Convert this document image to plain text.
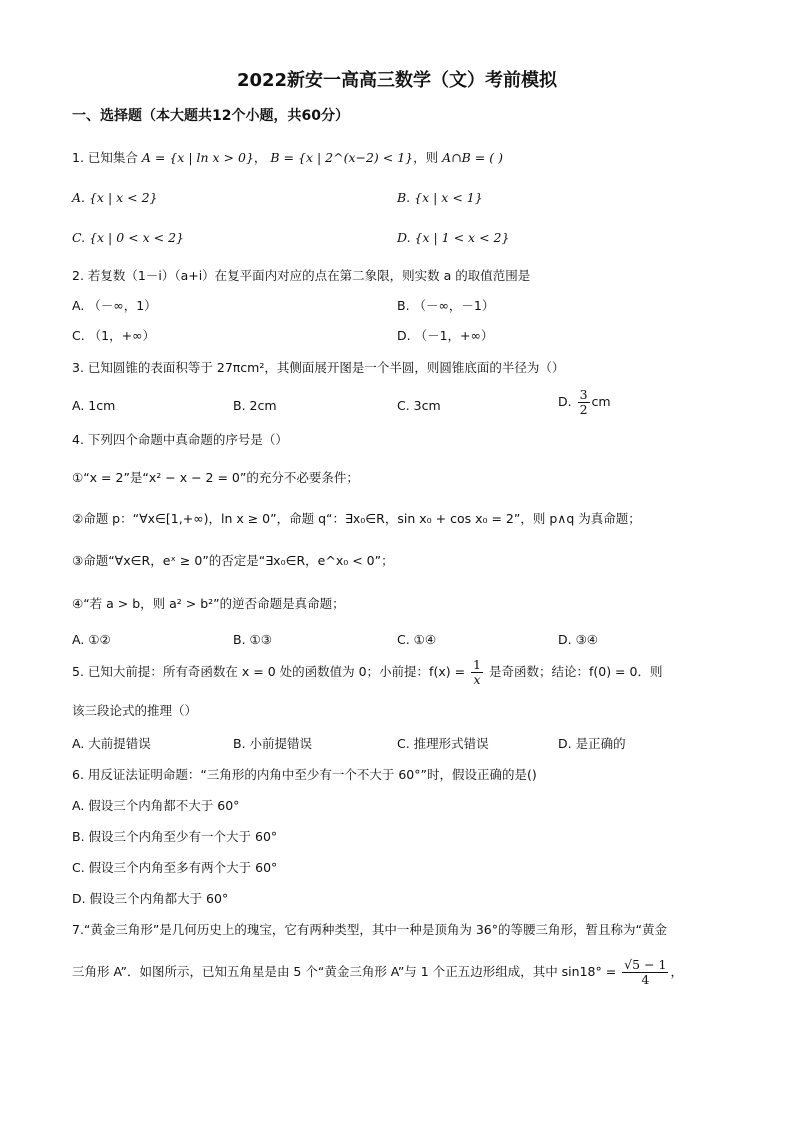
2022新安一高高三数学（文）考前模拟
一、选择题（本大题共12个小题，共60分）
1. 已知集合 A = {x | ln x > 0}， B = {x | 2^(x−2) < 1}，则 A∩B = ( )
A. {x | x < 2}	B. {x | x < 1}
C. {x | 0 < x < 2}	D. {x | 1 < x < 2}
2. 若复数（1－i）（a+i）在复平面内对应的点在第二象限，则实数 a 的取值范围是
A. （－∞，1）	B. （－∞，－1）
C. （1，+∞）	D. （－1，+∞）
3. 已知圆锥的表面积等于 27πcm²，其侧面展开图是一个半圆，则圆锥底面的半径为（）
A. 1cm	B. 2cm	C. 3cm	D. $\frac{3}{2}$ cm
4. 下列四个命题中真命题的序号是（）
①“x = 2”是“x² − x − 2 = 0”的充分不必要条件；
②命题 p：“∀x∈[1,+∞)，ln x ≥ 0”，命题 q“：∃x₀∈R，sin x₀ + cos x₀ = 2”，则 p∧q 为真命题；
③命题“∀x∈R，eˣ ≥ 0”的否定是“∃x₀∈R，e^x₀ < 0”；
④“若 a > b，则 a² > b²”的逆否命题是真命题；
A. ①②	B. ①③	C. ①④	D. ③④
5. 已知大前提：所有奇函数在 x = 0 处的函数值为 0；小前提：$f(x) = \frac{1}{x}$ 是奇函数；结论：f(0) = 0．则
该三段论式的推理（）
A. 大前提错误	B. 小前提错误	C. 推理形式错误	D. 是正确的
6. 用反证法证明命题：“三角形的内角中至少有一个不大于 60°”时，假设正确的是()
A. 假设三个内角都不大于 60°
B. 假设三个内角至少有一个大于 60°
C. 假设三个内角至多有两个大于 60°
D. 假设三个内角都大于 60°
7.“黄金三角形”是几何历史上的瑰宝，它有两种类型，其中一种是顶角为 36°的等腰三角形，暂且称为“黄金
三角形 A”．如图所示，已知五角星是由 5 个“黄金三角形 A”与 1 个正五边形组成，其中 $\sin 18^\circ = \frac{√5 - 1}{4}$ ，
